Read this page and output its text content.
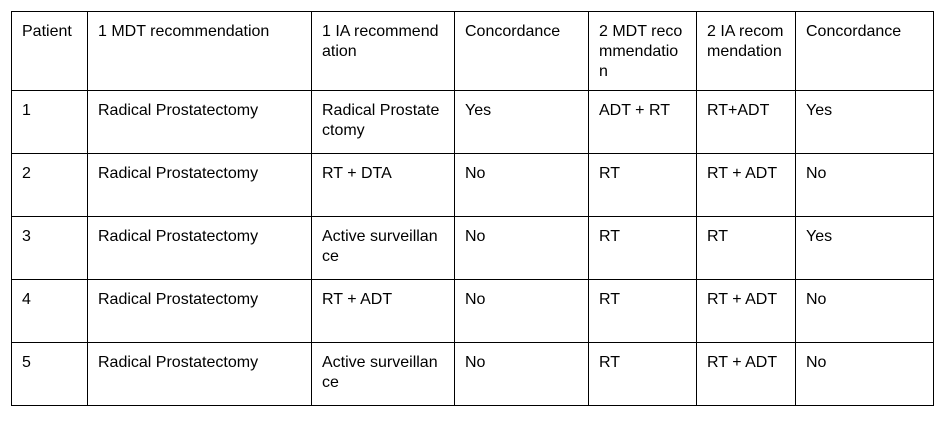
Patient	1 MDT recommendation	1 IA recommendation	Concordance	2 MDT recommendation	2 IA recommendation	Concordance
1	Radical Prostatectomy	Radical Prostatectomy	Yes	ADT + RT	RT+ADT	Yes
2	Radical Prostatectomy	RT + DTA	No	RT	RT + ADT	No
3	Radical Prostatectomy	Active surveillance	No	RT	RT	Yes
4	Radical Prostatectomy	RT + ADT	No	RT	RT + ADT	No
5	Radical Prostatectomy	Active surveillance	No	RT	RT + ADT	No
